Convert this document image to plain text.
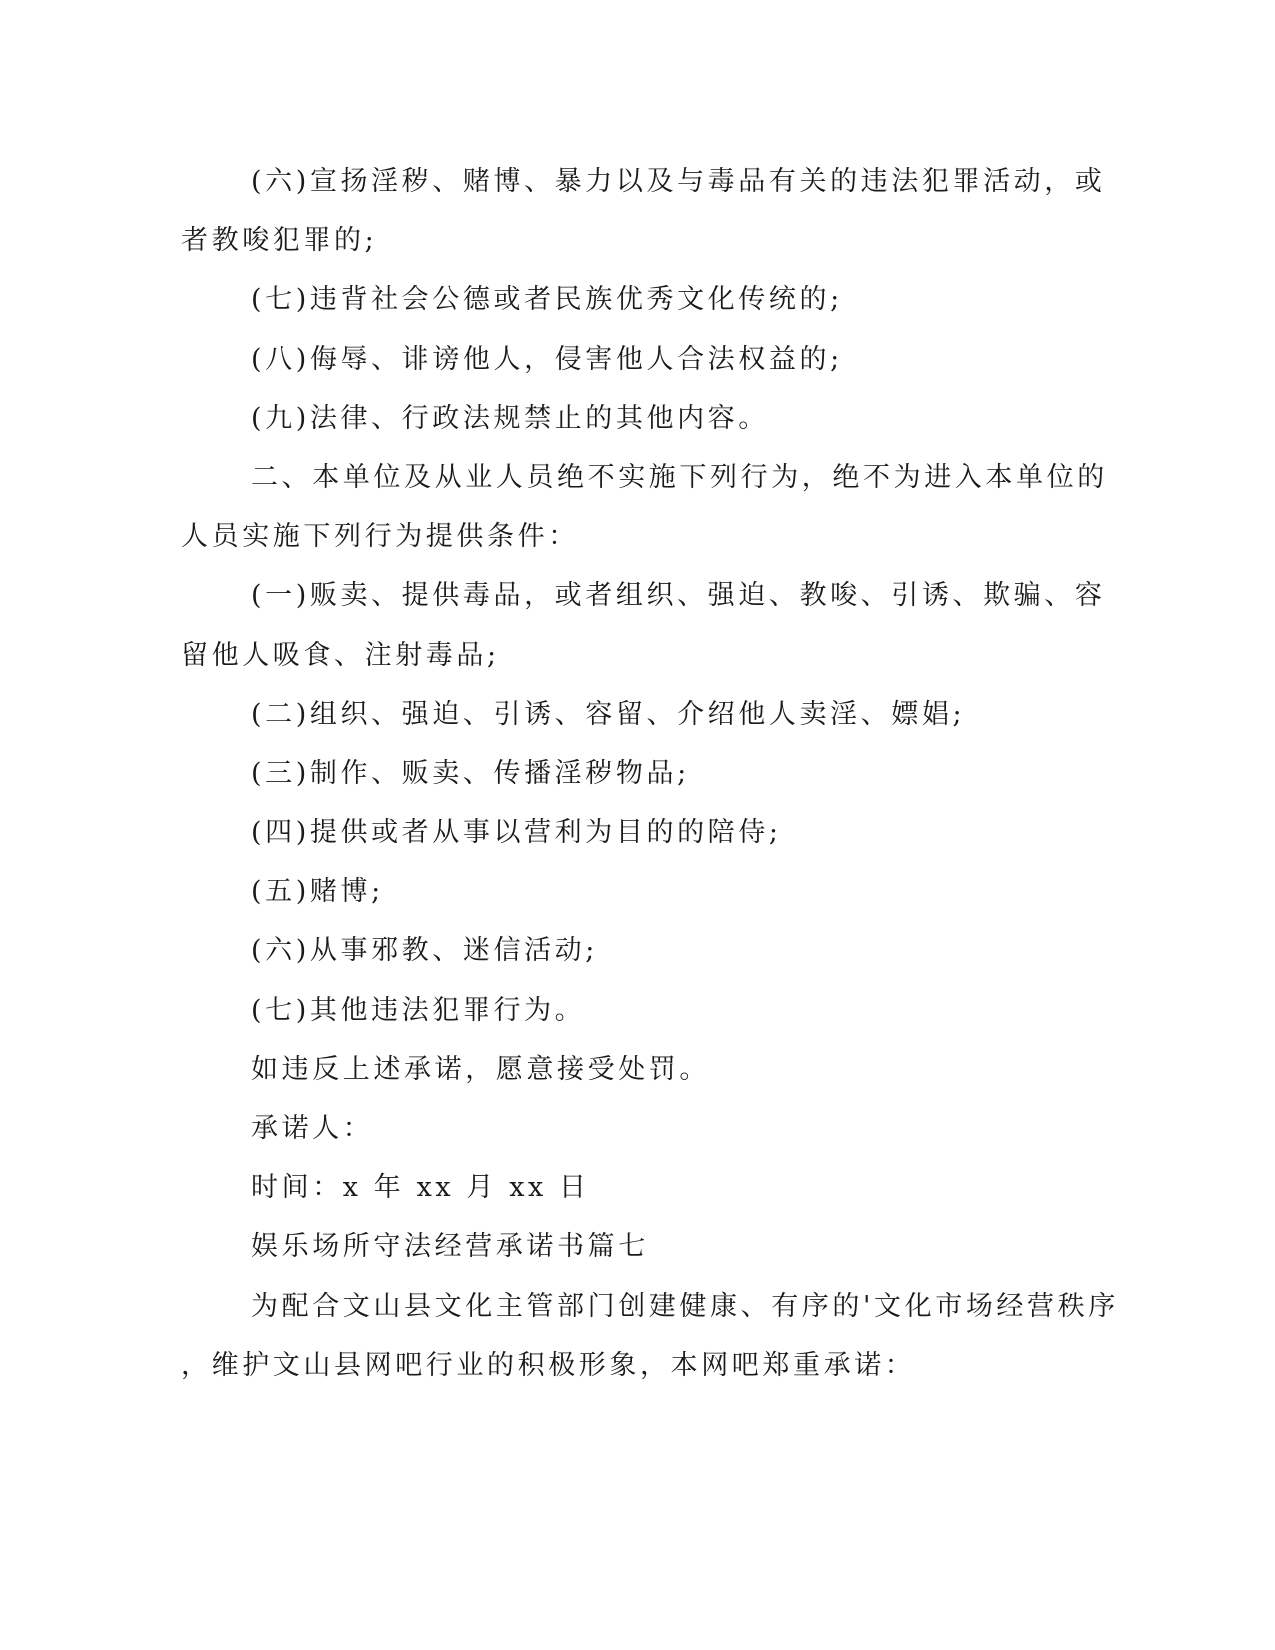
(六)宣扬淫秽、赌博、暴力以及与毒品有关的违法犯罪活动，或
者教唆犯罪的;
(七)违背社会公德或者民族优秀文化传统的;
(八)侮辱、诽谤他人，侵害他人合法权益的;
(九)法律、行政法规禁止的其他内容。
二、本单位及从业人员绝不实施下列行为，绝不为进入本单位的
人员实施下列行为提供条件：
(一)贩卖、提供毒品，或者组织、强迫、教唆、引诱、欺骗、容
留他人吸食、注射毒品;
(二)组织、强迫、引诱、容留、介绍他人卖淫、嫖娼;
(三)制作、贩卖、传播淫秽物品;
(四)提供或者从事以营利为目的的陪侍;
(五)赌博;
(六)从事邪教、迷信活动;
(七)其他违法犯罪行为。
如违反上述承诺，愿意接受处罚。
承诺人：
时间：x 年 xx 月 xx 日
娱乐场所守法经营承诺书篇七
为配合文山县文化主管部门创建健康、有序的'文化市场经营秩序
，维护文山县网吧行业的积极形象，本网吧郑重承诺：
